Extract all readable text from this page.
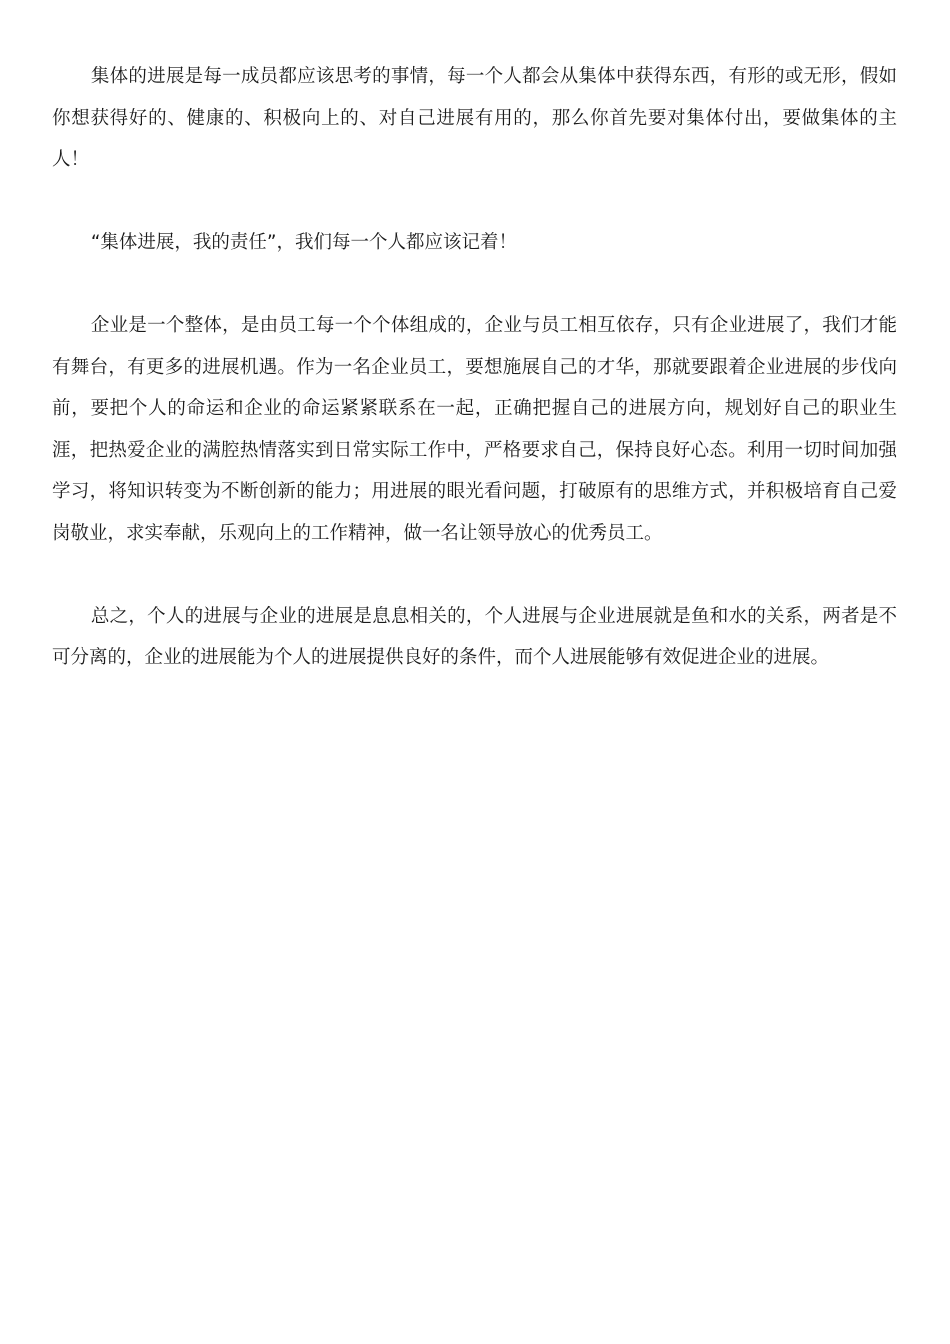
集体的进展是每一成员都应该思考的事情，每一个人都会从集体中获得东西，有形的或无形，假如你想获得好的、健康的、积极向上的、对自己进展有用的，那么你首先要对集体付出，要做集体的主人！

“集体进展，我的责任”，我们每一个人都应该记着！

企业是一个整体，是由员工每一个个体组成的，企业与员工相互依存，只有企业进展了，我们才能有舞台，有更多的进展机遇。作为一名企业员工，要想施展自己的才华，那就要跟着企业进展的步伐向前，要把个人的命运和企业的命运紧紧联系在一起，正确把握自己的进展方向，规划好自己的职业生涯，把热爱企业的满腔热情落实到日常实际工作中，严格要求自己，保持良好心态。利用一切时间加强学习，将知识转变为不断创新的能力；用进展的眼光看问题，打破原有的思维方式，并积极培育自己爱岗敬业，求实奉献，乐观向上的工作精神，做一名让领导放心的优秀员工。

总之，个人的进展与企业的进展是息息相关的，个人进展与企业进展就是鱼和水的关系，两者是不可分离的，企业的进展能为个人的进展提供良好的条件，而个人进展能够有效促进企业的进展。
